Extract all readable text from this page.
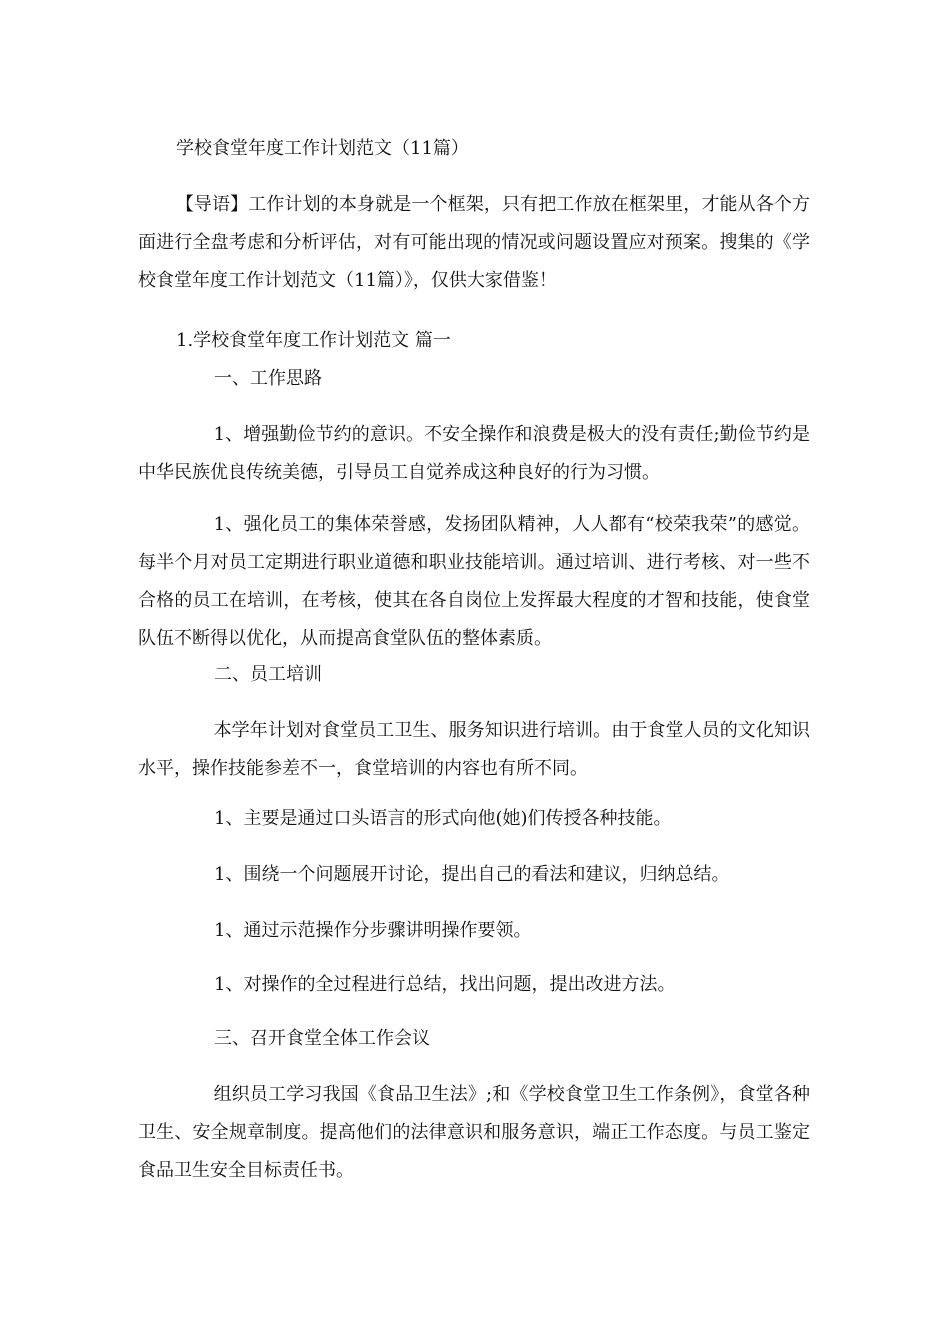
学校食堂年度工作计划范文（11篇）

【导语】工作计划的本身就是一个框架，只有把工作放在框架里，才能从各个方面进行全盘考虑和分析评估，对有可能出现的情况或问题设置应对预案。搜集的《学校食堂年度工作计划范文（11篇）》，仅供大家借鉴！

1.学校食堂年度工作计划范文 篇一

一、工作思路

1、增强勤俭节约的意识。不安全操作和浪费是极大的没有责任;勤俭节约是中华民族优良传统美德，引导员工自觉养成这种良好的行为习惯。

1、强化员工的集体荣誉感，发扬团队精神，人人都有“校荣我荣”的感觉。每半个月对员工定期进行职业道德和职业技能培训。通过培训、进行考核、对一些不合格的员工在培训，在考核，使其在各自岗位上发挥最大程度的才智和技能，使食堂队伍不断得以优化，从而提高食堂队伍的整体素质。

二、员工培训

本学年计划对食堂员工卫生、服务知识进行培训。由于食堂人员的文化知识水平，操作技能参差不一，食堂培训的内容也有所不同。

1、主要是通过口头语言的形式向他(她)们传授各种技能。

1、围绕一个问题展开讨论，提出自己的看法和建议，归纳总结。

1、通过示范操作分步骤讲明操作要领。

1、对操作的全过程进行总结，找出问题，提出改进方法。

三、召开食堂全体工作会议

组织员工学习我国《食品卫生法》;和《学校食堂卫生工作条例》，食堂各种卫生、安全规章制度。提高他们的法律意识和服务意识，端正工作态度。与员工鉴定食品卫生安全目标责任书。
